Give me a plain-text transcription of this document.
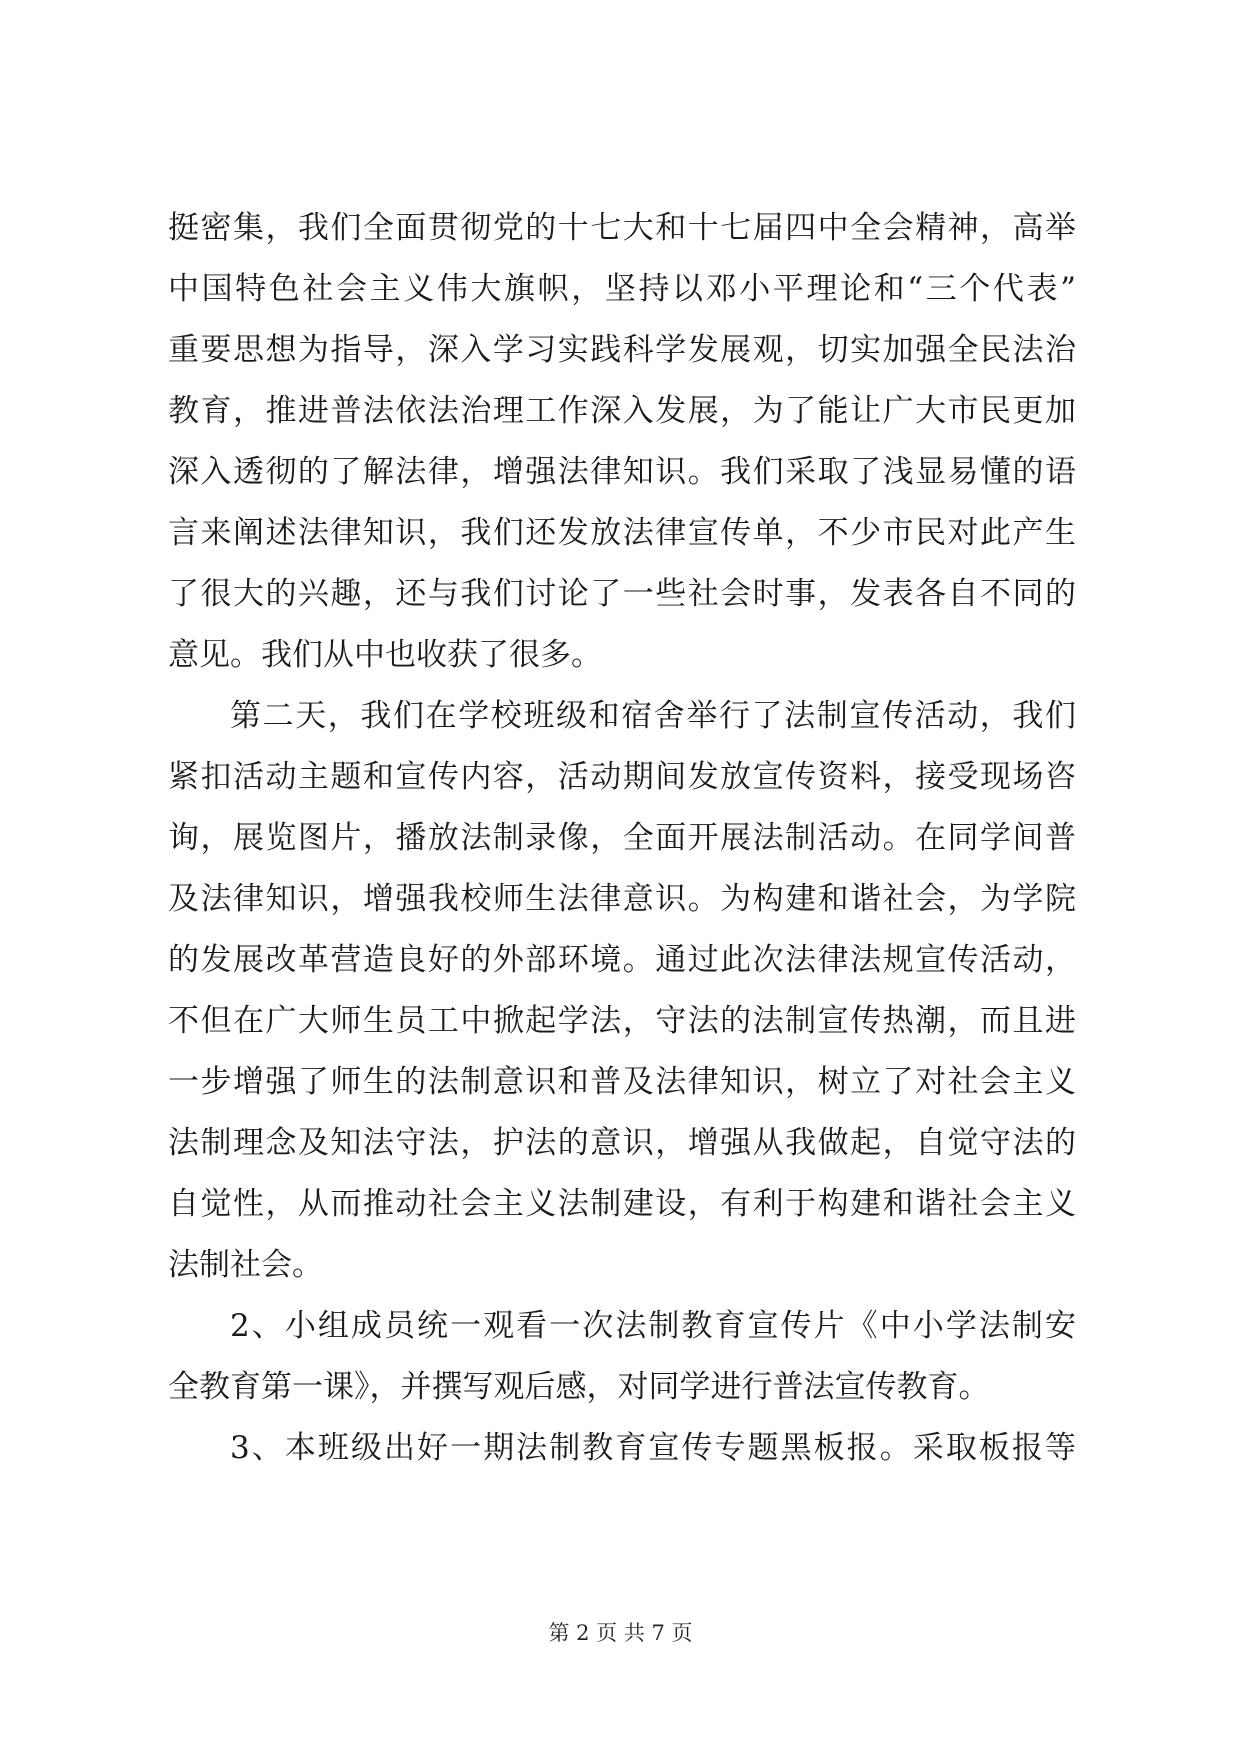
挺密集，我们全面贯彻党的十七大和十七届四中全会精神，高举
中国特色社会主义伟大旗帜，坚持以邓小平理论和“三个代表”
重要思想为指导，深入学习实践科学发展观，切实加强全民法治
教育，推进普法依法治理工作深入发展，为了能让广大市民更加
深入透彻的了解法律，增强法律知识。我们采取了浅显易懂的语
言来阐述法律知识，我们还发放法律宣传单，不少市民对此产生
了很大的兴趣，还与我们讨论了一些社会时事，发表各自不同的
意见。我们从中也收获了很多。
第二天，我们在学校班级和宿舍举行了法制宣传活动，我们
紧扣活动主题和宣传内容，活动期间发放宣传资料，接受现场咨
询，展览图片，播放法制录像，全面开展法制活动。在同学间普
及法律知识，增强我校师生法律意识。为构建和谐社会，为学院
的发展改革营造良好的外部环境。通过此次法律法规宣传活动，
不但在广大师生员工中掀起学法，守法的法制宣传热潮，而且进
一步增强了师生的法制意识和普及法律知识，树立了对社会主义
法制理念及知法守法，护法的意识，增强从我做起，自觉守法的
自觉性，从而推动社会主义法制建设，有利于构建和谐社会主义
法制社会。
2、小组成员统一观看一次法制教育宣传片《中小学法制安
全教育第一课》，并撰写观后感，对同学进行普法宣传教育。
3、本班级出好一期法制教育宣传专题黑板报。采取板报等
第 2 页 共 7 页
